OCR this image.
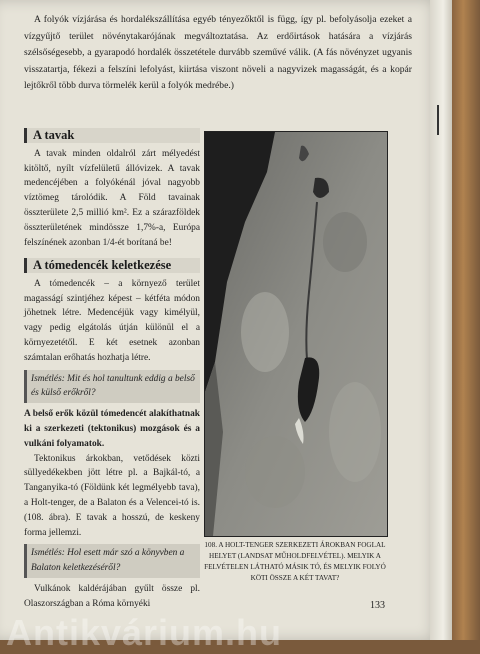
A folyók vízjárása és hordalékszállítása egyéb tényezőktől is függ, így pl. befolyásolja ezeket a vízgyűjtő terület növénytakarójának megváltoztatása. Az erdőirtások hatására a vízjárás szélsőségesebb, a gyarapodó hordalék összetétele durvább szeművé válik. (A fás növényzet ugyanis visszatartja, fékezi a felszíni lefolyást, kiirtása viszont növeli a nagyvizek magasságát, és a kopár lejtőkről több durva törmelék kerül a folyók medrébe.)
A tavak

A tavak minden oldalról zárt mélyedést kitöltő, nyílt vízfelületű állóvizek. A tavak medencéjében a folyókénál jóval nagyobb víztömeg tárolódik. A Föld tavainak összterülete 2,5 millió km². Ez a szárazföldek összterületének mindössze 1,7%-a, Európa felszínének azonban 1/4-ét borítaná be!

A tómedencék keletkezése

A tómedencék – a környező terület magasságí szintjéhez képest – kétféta módon jöhetnek létre. Medencéjük vagy kimélyül, vagy pedig elgátolás útján különül el a környezetétől. E két esetnek azonban számtalan erőhatás hozhatja létre.

Ismétlés: Mit és hol tanultunk eddig a belső és külső erőkről?

A belső erők közül tómedencét alakíthatnak ki a szerkezeti (tektonikus) mozgások és a vulkáni folyamatok.

Tektonikus árkokban, vetődések közti süllyedékekben jött létre pl. a Bajkál-tó, a Tanganyika-tó (Földünk két legmélyebb tava), a Holt-tenger, de a Balaton és a Velencei-tó is. (108. ábra). E tavak a hosszú, de keskeny forma jellemzi.

Ismétlés: Hol esett már szó a könyvben a Balaton keletkezéséről?

Vulkánok kaldérájában gyűlt össze pl. Olaszországban a Róma környéki

108. A HOLT-TENGER SZERKEZETI ÁROKBAN FOGLAL HELYET (LANDSAT MŰHOLDFELVÉTEL). MELYIK A FELVÉTELEN LÁTHATÓ MÁSIK TÓ, ÉS MELYIK FOLYÓ KÖTI ÖSSZE A KÉT TAVAT?
133
Antikvárium.hu
